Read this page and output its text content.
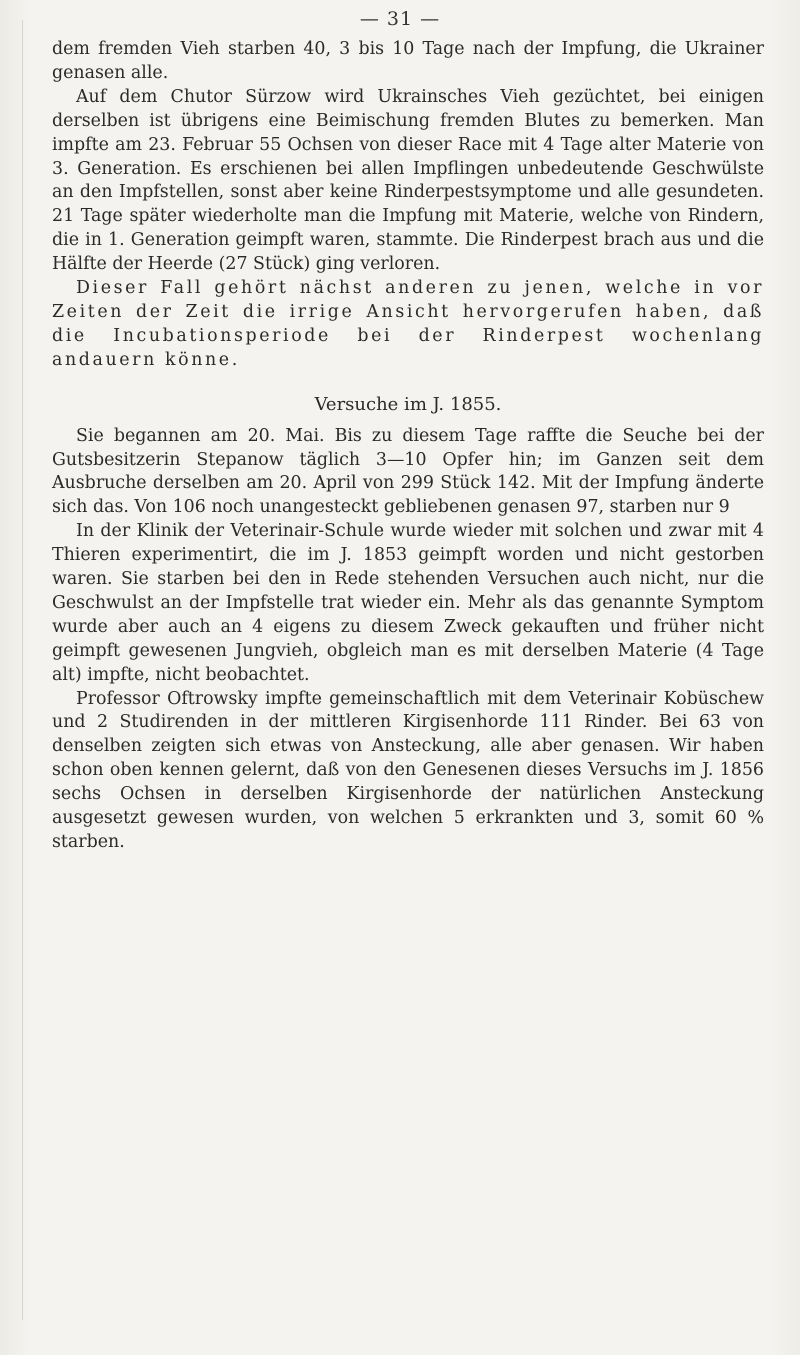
— 31 —

dem fremden Vieh starben 40, 3 bis 10 Tage nach der Impfung, die Ukrainer genasen alle.

Auf dem Chutor Sürzow wird Ukrainsches Vieh gezüchtet, bei einigen derselben ist übrigens eine Beimischung fremden Blutes zu bemerken. Man impfte am 23. Februar 55 Ochsen von dieser Race mit 4 Tage alter Materie von 3. Generation. Es erschienen bei allen Impflingen unbedeutende Geschwülste an den Impfstellen, sonst aber keine Rinderpestsymptome und alle gesundeten. 21 Tage später wiederholte man die Impfung mit Materie, welche von Rindern, die in 1. Generation geimpft waren, stammte. Die Rinderpest brach aus und die Hälfte der Heerde (27 Stück) ging verloren.

Dieser Fall gehört nächst anderen zu jenen, welche in vor Zeiten der Zeit die irrige Ansicht hervorgerufen haben, daß die Incubationsperiode bei der Rinderpest wochenlang andauern könne.

Versuche im J. 1855.

Sie begannen am 20. Mai. Bis zu diesem Tage raffte die Seuche bei der Gutsbesitzerin Stepanow täglich 3—10 Opfer hin; im Ganzen seit dem Ausbruche derselben am 20. April von 299 Stück 142. Mit der Impfung änderte sich das. Von 106 noch unangesteckt gebliebenen genasen 97, starben nur 9

In der Klinik der Veterinair-Schule wurde wieder mit solchen und zwar mit 4 Thieren experimentirt, die im J. 1853 geimpft worden und nicht gestorben waren. Sie starben bei den in Rede stehenden Versuchen auch nicht, nur die Geschwulst an der Impfstelle trat wieder ein. Mehr als das genannte Symptom wurde aber auch an 4 eigens zu diesem Zweck gekauften und früher nicht geimpft gewesenen Jungvieh, obgleich man es mit derselben Materie (4 Tage alt) impfte, nicht beobachtet.

Professor Oftrowsky impfte gemeinschaftlich mit dem Veterinair Kobüschew und 2 Studirenden in der mittleren Kirgisenhorde 111 Rinder. Bei 63 von denselben zeigten sich etwas von Ansteckung, alle aber genasen. Wir haben schon oben kennen gelernt, daß von den Genesenen dieses Versuchs im J. 1856 sechs Ochsen in derselben Kirgisenhorde der natürlichen Ansteckung ausgesetzt gewesen wurden, von welchen 5 erkrankten und 3, somit 60 % starben.
